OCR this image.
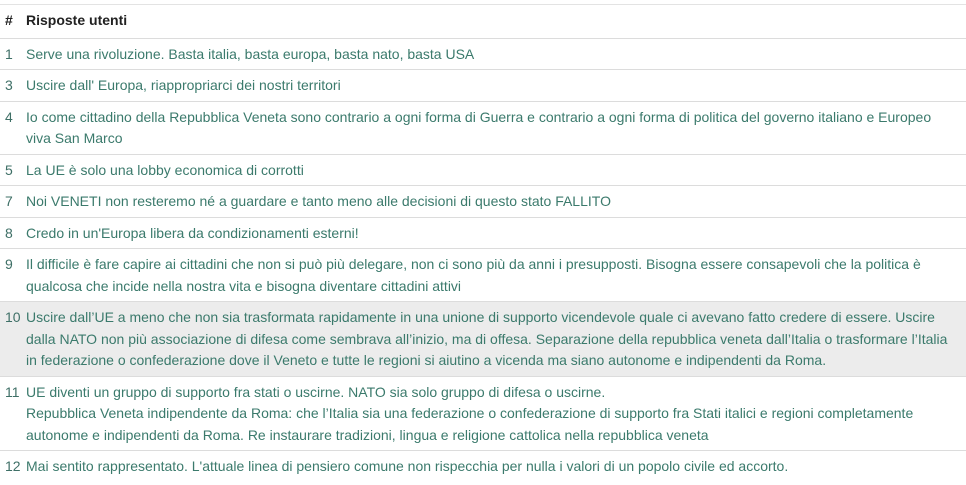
#	Risposte utenti
1	Serve una rivoluzione. Basta italia, basta europa, basta nato, basta USA
3	Uscire dall' Europa, riappropriarci dei nostri territori
4	Io come cittadino della Repubblica Veneta sono contrario a ogni forma di Guerra e contrario a ogni forma di politica del governo italiano e Europeo viva San Marco
5	La UE è solo una lobby economica di corrotti
7	Noi VENETI non resteremo né a guardare e tanto meno alle decisioni di questo stato FALLITO
8	Credo in un'Europa libera da condizionamenti esterni!
9	Il difficile è fare capire ai cittadini che non si può più delegare, non ci sono più da anni i presupposti. Bisogna essere consapevoli che la politica è qualcosa che incide nella nostra vita e bisogna diventare cittadini attivi
10	Uscire dall’UE a meno che non sia trasformata rapidamente in una unione di supporto vicendevole quale ci avevano fatto credere di essere. Uscire dalla NATO non più associazione di difesa come sembrava all’inizio, ma di offesa. Separazione della repubblica veneta dall’Italia o trasformare l’Italia in federazione o confederazione dove il Veneto e tutte le regioni si aiutino a vicenda ma siano autonome e indipendenti da Roma.
11	UE diventi un gruppo di supporto fra stati o uscirne. NATO sia solo gruppo di difesa o uscirne.
Repubblica Veneta indipendente da Roma: che l’Italia sia una federazione o confederazione di supporto fra Stati italici e regioni completamente autonome e indipendenti da Roma. Re instaurare tradizioni, lingua e religione cattolica nella repubblica veneta

12	Mai sentito rappresentato. L'attuale linea di pensiero comune non rispecchia per nulla i valori di un popolo civile ed accorto.
